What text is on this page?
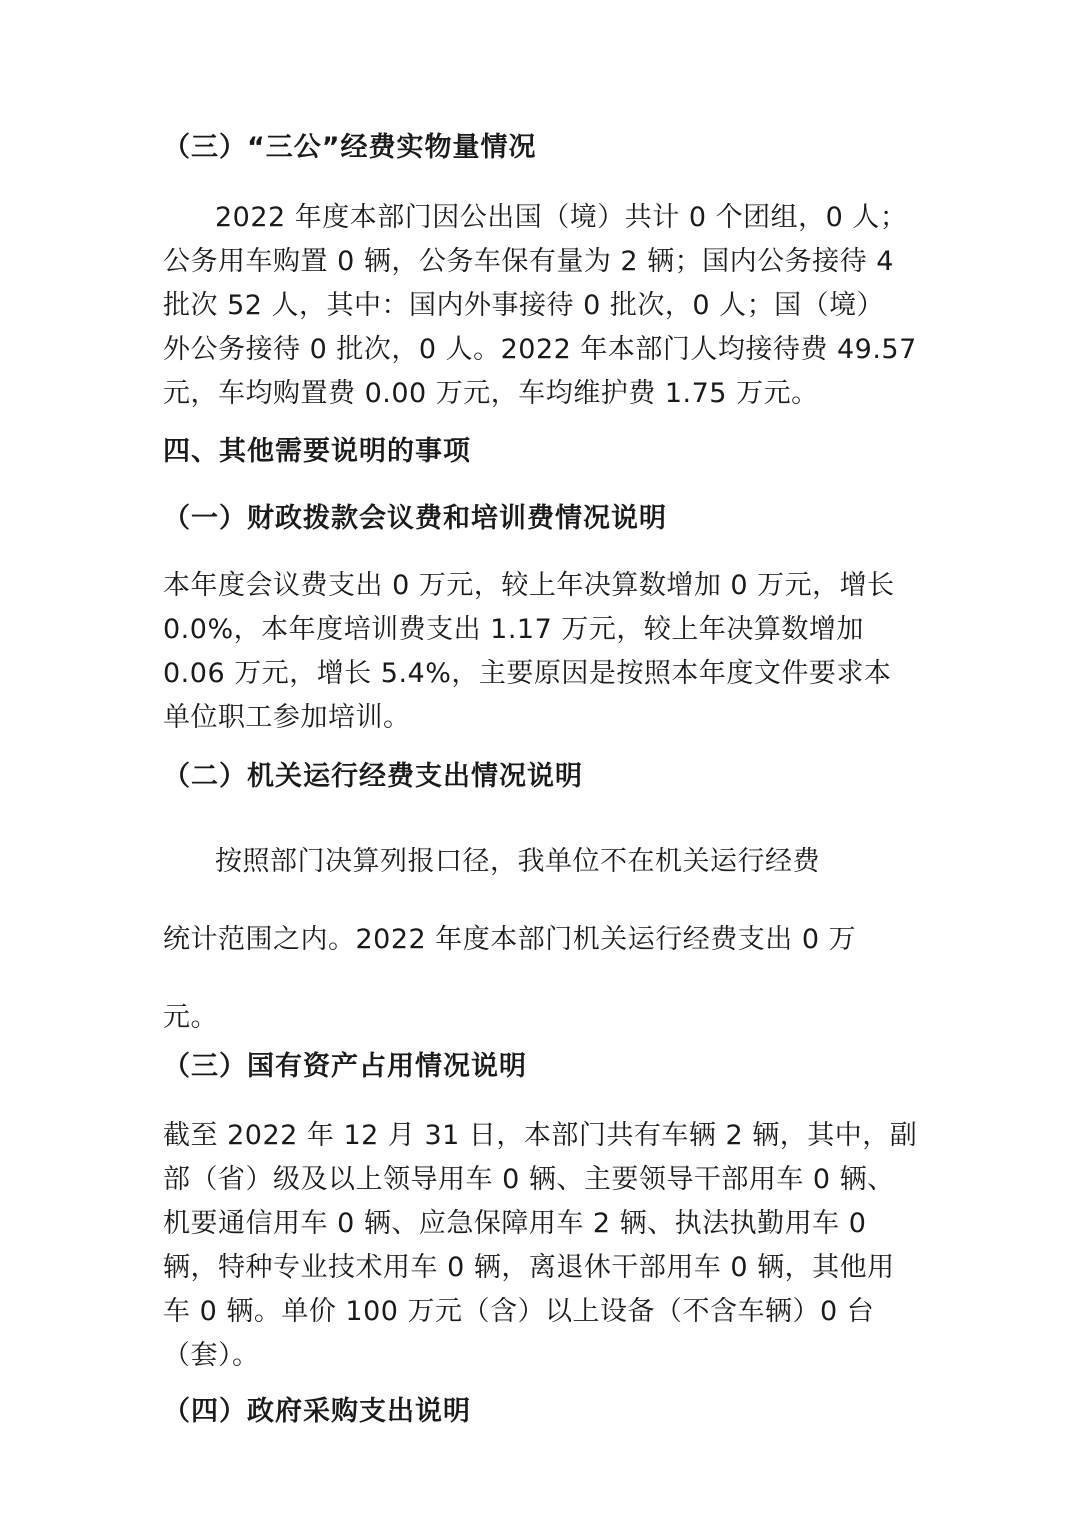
（三）“三公”经费实物量情况

2022 年度本部门因公出国（境）共计 0 个团组，0 人；
公务用车购置 0 辆，公务车保有量为 2 辆；国内公务接待 4
批次 52 人，其中：国内外事接待 0 批次，0 人；国（境）
外公务接待 0 批次，0 人。2022 年本部门人均接待费 49.57
元，车均购置费 0.00 万元，车均维护费 1.75 万元。

四、其他需要说明的事项
（一）财政拨款会议费和培训费情况说明

本年度会议费支出 0 万元，较上年决算数增加 0 万元，增长
0.0%，本年度培训费支出 1.17 万元，较上年决算数增加
0.06 万元，增长 5.4%，主要原因是按照本年度文件要求本
单位职工参加培训。

（二）机关运行经费支出情况说明

按照部门决算列报口径，我单位不在机关运行经费
统计范围之内。2022 年度本部门机关运行经费支出 0 万
元。

（三）国有资产占用情况说明

截至 2022 年 12 月 31 日，本部门共有车辆 2 辆，其中，副
部（省）级及以上领导用车 0 辆、主要领导干部用车 0 辆、
机要通信用车 0 辆、应急保障用车 2 辆、执法执勤用车 0
辆，特种专业技术用车 0 辆，离退休干部用车 0 辆，其他用
车 0 辆。单价 100 万元（含）以上设备（不含车辆）0 台
（套）。

（四）政府采购支出说明
